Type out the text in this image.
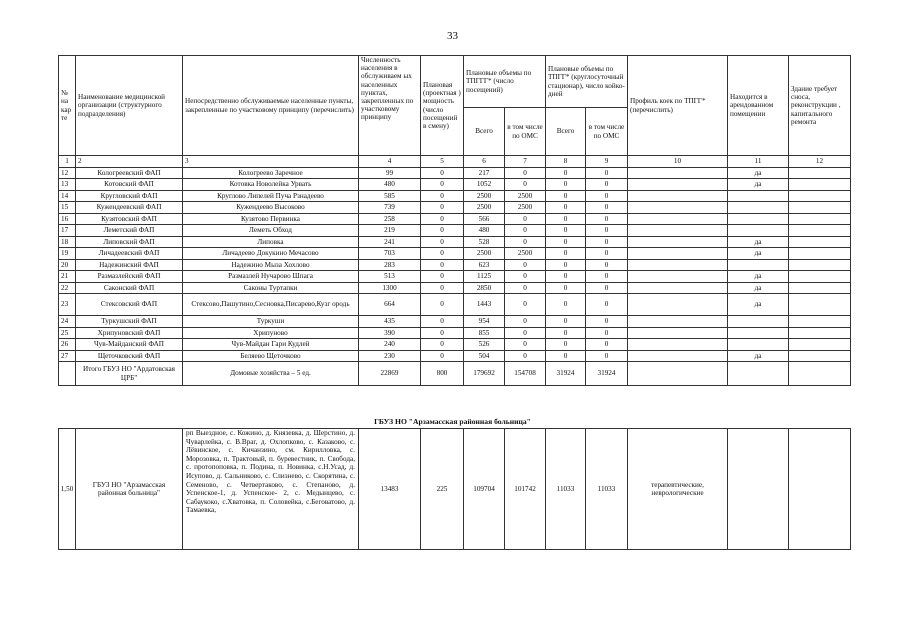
33
№ на кар те	Наименование медицинской организации (структурного подразделения)	Непосредственно обслуживаемые населенные пункты, закрепленные по участковому принципу (перечислить)	Численность населения в обслуживаем ых населенных пунктах, закрепленных по участковому принципу	Плановая (проектная ) мощность (число посещений в смену)	Плановые объемы по ТПГГГ* (число посещений)		Плановые объемы по ТПГГ* (круглосуточный стационар), число койко-дней		Профиль коек по ТПГГ* (перечислить)	Находится в арендованном помещении	Здание требует сноса, реконструкции , капитального ремонта
					Всего	в том числе по ОМС	Всего	в том числе по ОМС			
1	2	3	4	5	6	7	8	9	10	11	12
12	Кологреевский ФАП	Кологреево Заречное	99	0	217	0	0	0		да	
13	Котовский ФАП	Котовка Новолейка Урвать	480	0	1052	0	0	0		да	
14	Кругловский ФАП	Круглово Липелей Пуча Рзнадеево	585	0	2500	2500	0	0			
15	Кужендеевский ФАП	Кужендеево Высоково	739	0	2500	2500	0	0			
16	Кузятовский ФАП	Кузятово Первинка	258	0	566	0	0	0			
17	Леметский ФАП	Леметь Обход	219	0	480	0	0	0			
18	Липовский ФАП	Липовка	241	0	528	0	0	0		да	
19	Личадеевский ФАП	Личадеево Докукино Мечасово	703	0	2500	2500	0	0		да	
20	Надежинский ФАП	Надежино Мыза Хохлово	283	0	623	0	0	0			
21	Размазлейский ФАП	Размазлей Нучарово Шпага	513	0	1125	0	0	0		да	
22	Саконский ФАП	Саконы Туртапки	1300	0	2850	0	0	0		да	
23	Стексовский ФАП	Стексово,Пашутино,Сесновка,Писарево,Кузг ородь	664	0	1443	0	0	0		да	
24	Туркушский ФАП	Туркуши	435	0	954	0	0	0			
25	Хрипуновский ФАП	Хрипуново	390	0	855	0	0	0			
26	Чув-Майданский ФАП	Чув-Майдан Гари Кудлей	240	0	526	0	0	0			
27	Щеточковский ФАП	Беляево Щеточково	230	0	504	0	0	0		да	
	Итого ГБУЗ НО "Ардатовская ЦРБ"	Домовые хозяйства – 5 ед.	22869	800	179692	154708	31924	31924			
ГБУЗ НО "Арзамасская районная больница"
1,50	ГБУЗ НО "Арзамасская районная больница"	рп Выездное, с. Кожино, д. Князевка, д. Шерстино, д. Чуварлейка, с. В.Враг, д. Охлопково, с. Казаково, с. Лёвинское, с. Кичанзино, см. Кирилловка, с. Морозовка, п. Трактовый, п. буревестник, п. Свобода, с. протопоповка, п. Подина, п. Новинка, с.Н.Усад, д. Исупово, д. Сальниково, с. Слизнево, с. Скорятина, с. Семеново, с. Четвертаково, с. Степаново, д. Успенское-1, д. Успенское- 2, с. Медынцево, с. Сабаукоко, с.Хватовка, п. Соловейка, с.Беговатово, д. Тамаевка,	13483	225	109704	101742	11033	11033	терапевтические, неврологические		
